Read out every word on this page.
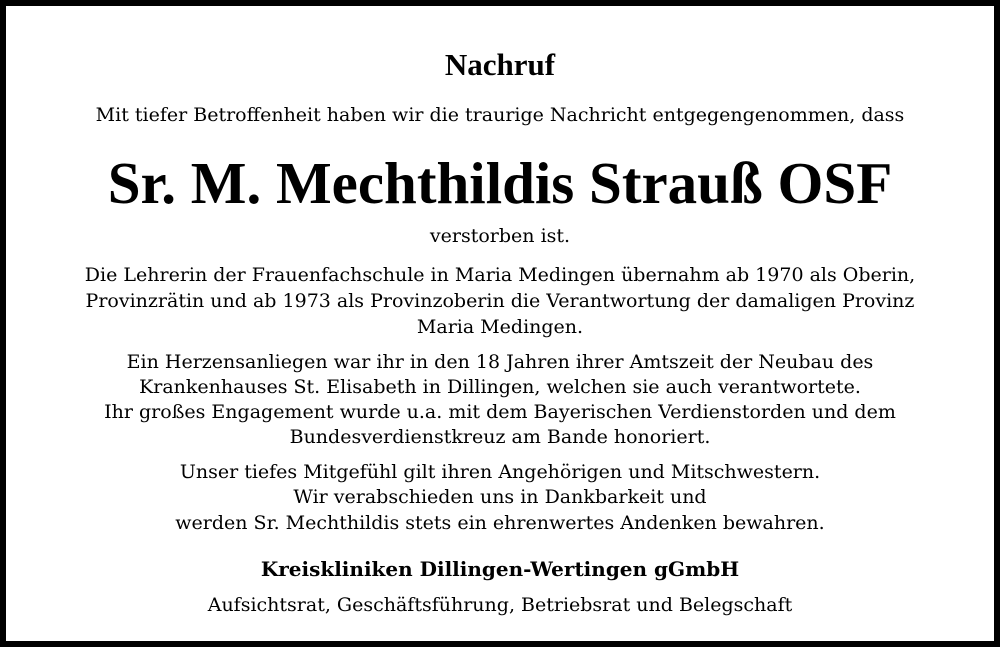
Nachruf
Mit tiefer Betroffenheit haben wir die traurige Nachricht entgegengenommen, dass
Sr. M. Mechthildis Strauß OSF
verstorben ist.
Die Lehrerin der Frauenfachschule in Maria Medingen übernahm ab 1970 als Oberin,
Provinzrätin und ab 1973 als Provinzoberin die Verantwortung der damaligen Provinz
Maria Medingen.
Ein Herzensanliegen war ihr in den 18 Jahren ihrer Amtszeit der Neubau des
Krankenhauses St. Elisabeth in Dillingen, welchen sie auch verantwortete.
Ihr großes Engagement wurde u.a. mit dem Bayerischen Verdienstorden und dem
Bundesverdienstkreuz am Bande honoriert.
Unser tiefes Mitgefühl gilt ihren Angehörigen und Mitschwestern.
Wir verabschieden uns in Dankbarkeit und
werden Sr. Mechthildis stets ein ehrenwertes Andenken bewahren.
Kreiskliniken Dillingen-Wertingen gGmbH
Aufsichtsrat, Geschäftsführung, Betriebsrat und Belegschaft
